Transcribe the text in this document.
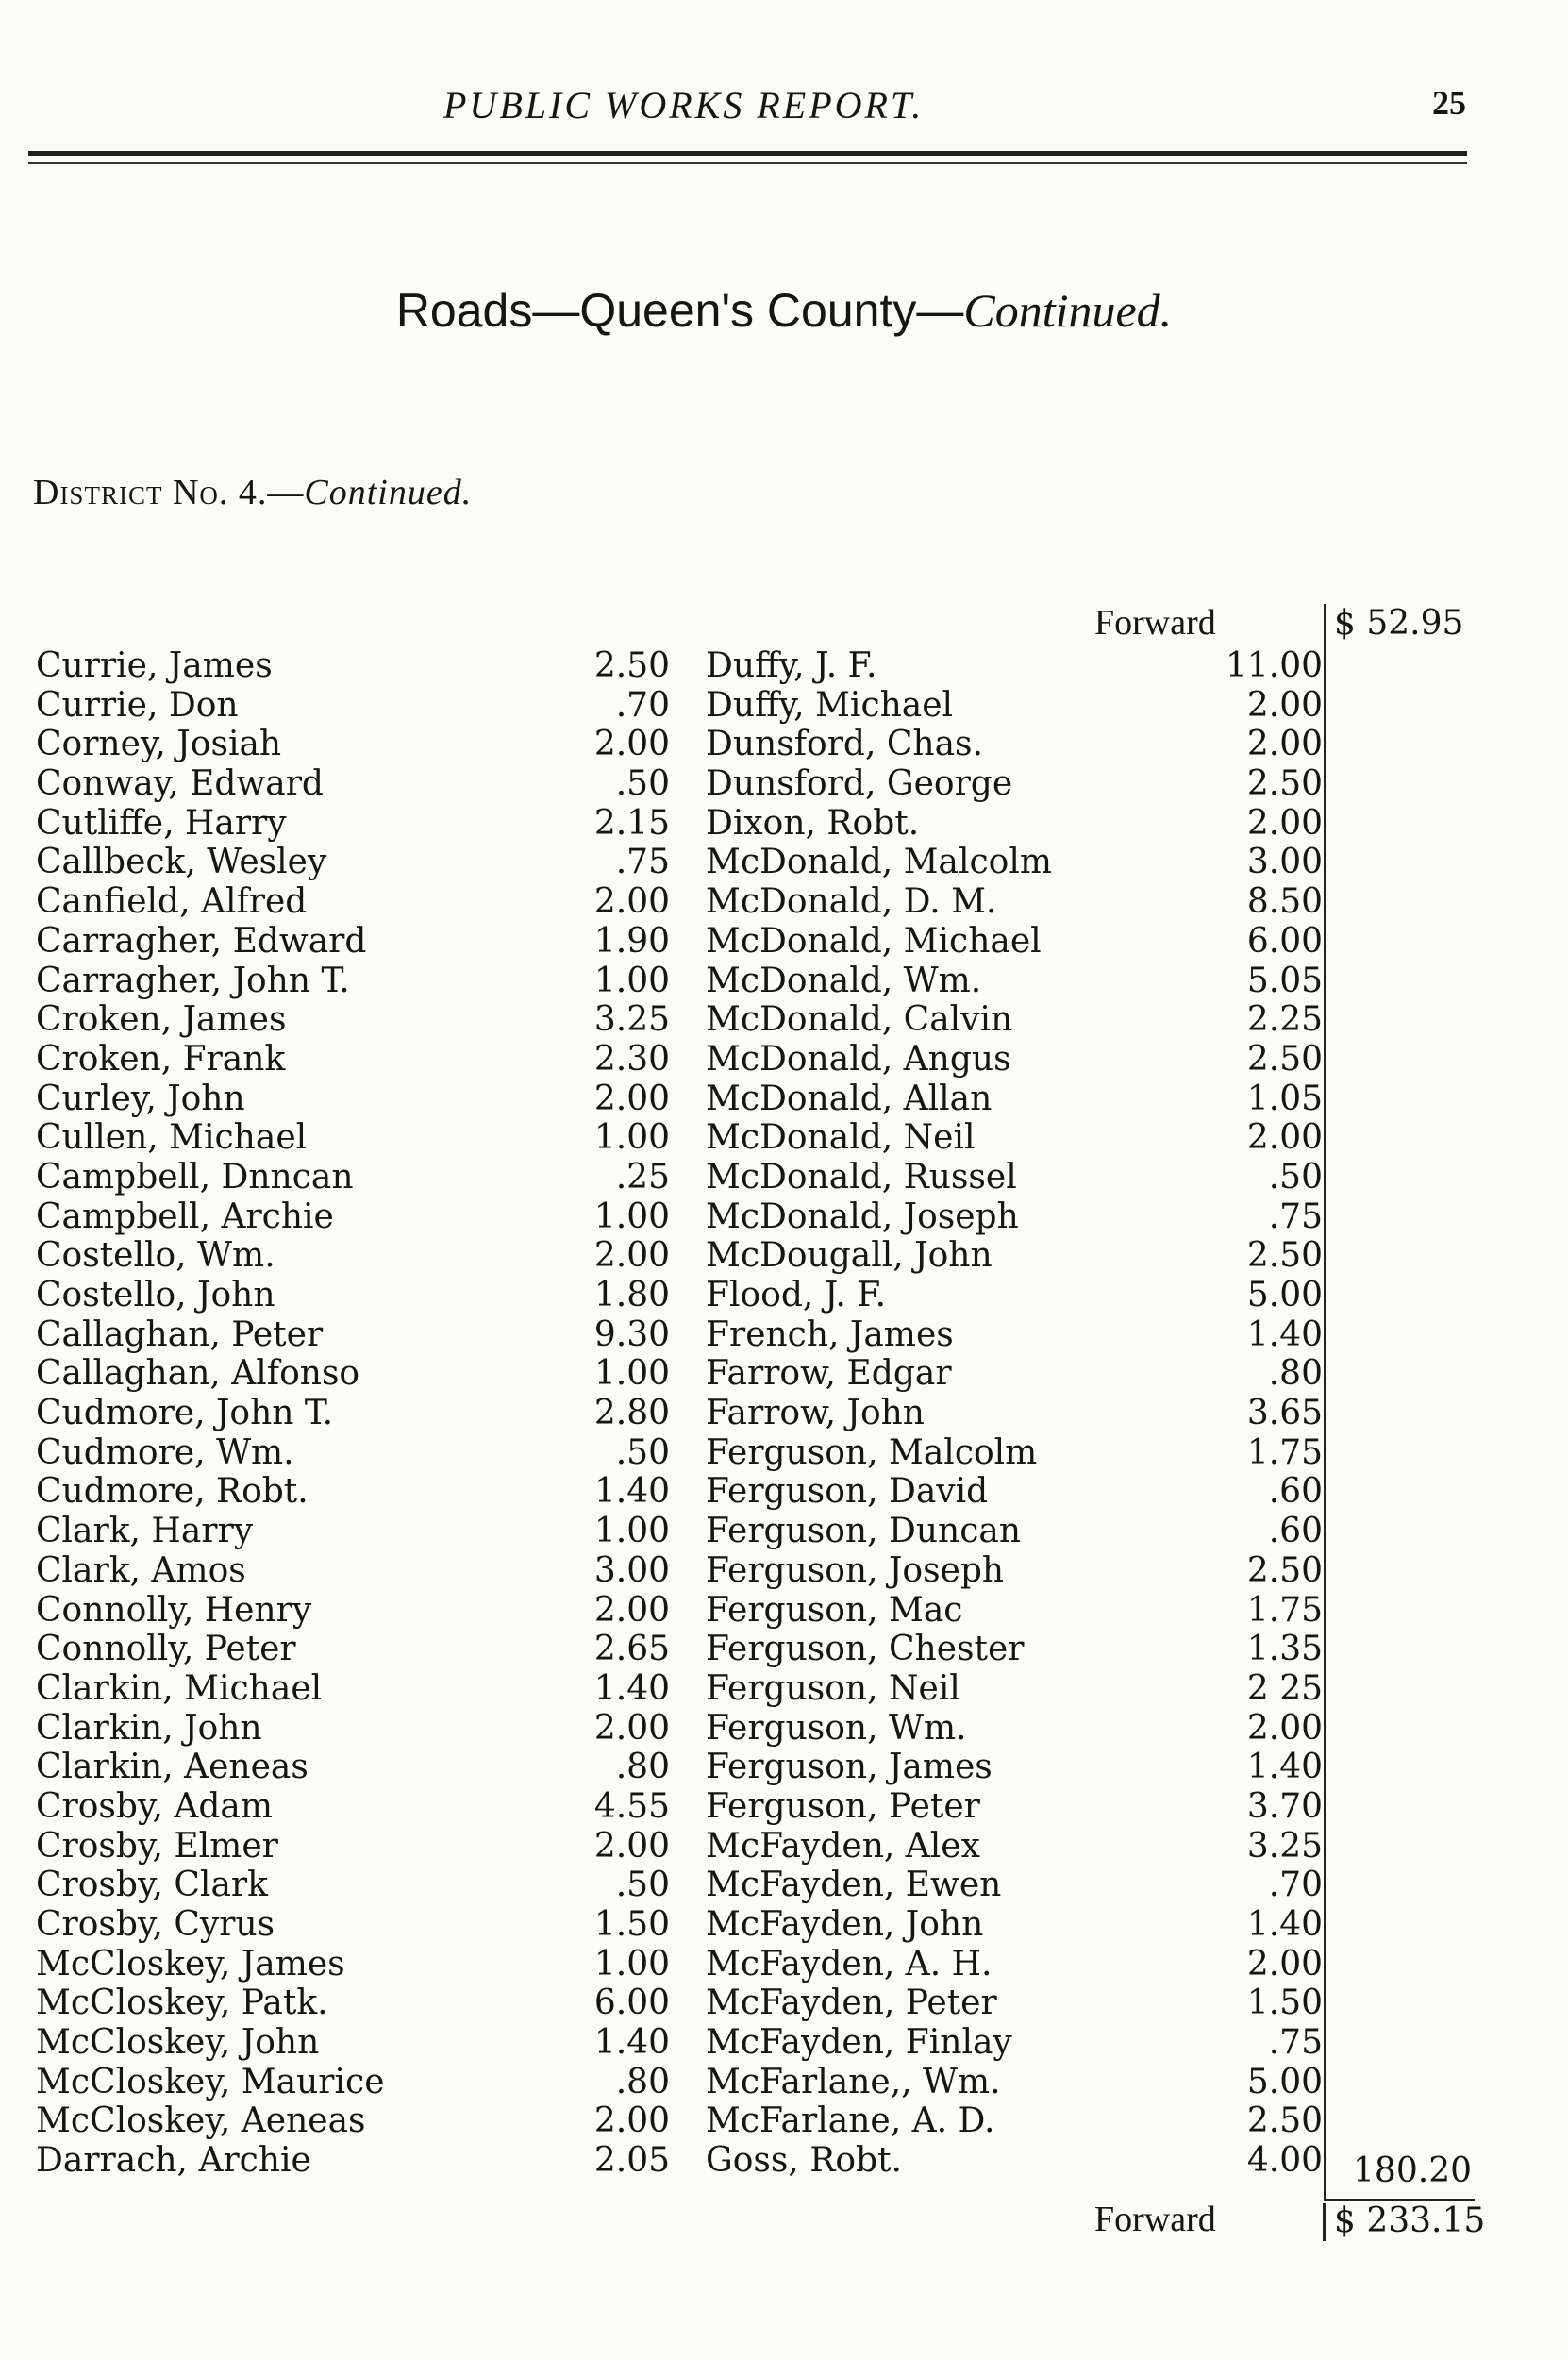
PUBLIC WORKS REPORT.	25
Roads—Queen's County—Continued.
District No. 4.—Continued.
Forward	$ 52.95
Currie, James	2.50 Duffy, J. F.	11.00
Currie, Don	.70 Duffy, Michael	2.00
Corney, Josiah	2.00 Dunsford, Chas.	2.00
Conway, Edward	.50 Dunsford, George	2.50
Cutliffe, Harry	2.15 Dixon, Robt.	2.00
Callbeck, Wesley	.75 McDonald, Malcolm	3.00
Canfield, Alfred	2.00 McDonald, D. M.	8.50
Carragher, Edward	1.90 McDonald, Michael	6.00
Carragher, John T.	1.00 McDonald, Wm.	5.05
Croken, James	3.25 McDonald, Calvin	2.25
Croken, Frank	2.30 McDonald, Angus	2.50
Curley, John	2.00 McDonald, Allan	1.05
Cullen, Michael	1.00 McDonald, Neil	2.00
Campbell, Dnncan	.25 McDonald, Russel	.50
Campbell, Archie	1.00 McDonald, Joseph	.75
Costello, Wm.	2.00 McDougall, John	2.50
Costello, John	1.80 Flood, J. F.	5.00
Callaghan, Peter	9.30 French, James	1.40
Callaghan, Alfonso	1.00 Farrow, Edgar	.80
Cudmore, John T.	2.80 Farrow, John	3.65
Cudmore, Wm.	.50 Ferguson, Malcolm	1.75
Cudmore, Robt.	1.40 Ferguson, David	.60
Clark, Harry	1.00 Ferguson, Duncan	.60
Clark, Amos	3.00 Ferguson, Joseph	2.50
Connolly, Henry	2.00 Ferguson, Mac	1.75
Connolly, Peter	2.65 Ferguson, Chester	1.35
Clarkin, Michael	1.40 Ferguson, Neil	2 25
Clarkin, John	2.00 Ferguson, Wm.	2.00
Clarkin, Aeneas	.80 Ferguson, James	1.40
Crosby, Adam	4.55 Ferguson, Peter	3.70
Crosby, Elmer	2.00 McFayden, Alex	3.25
Crosby, Clark	.50 McFayden, Ewen	.70
Crosby, Cyrus	1.50 McFayden, John	1.40
McCloskey, James	1.00 McFayden, A. H.	2.00
McCloskey, Patk.	6.00 McFayden, Peter	1.50
McCloskey, John	1.40 McFayden, Finlay	.75
McCloskey, Maurice	.80 McFarlane,, Wm.	5.00
McCloskey, Aeneas	2.00 McFarlane, A. D.	2.50
Darrach, Archie	2.05 Goss, Robt.	4.00 180.20
Forward	$ 233.15
